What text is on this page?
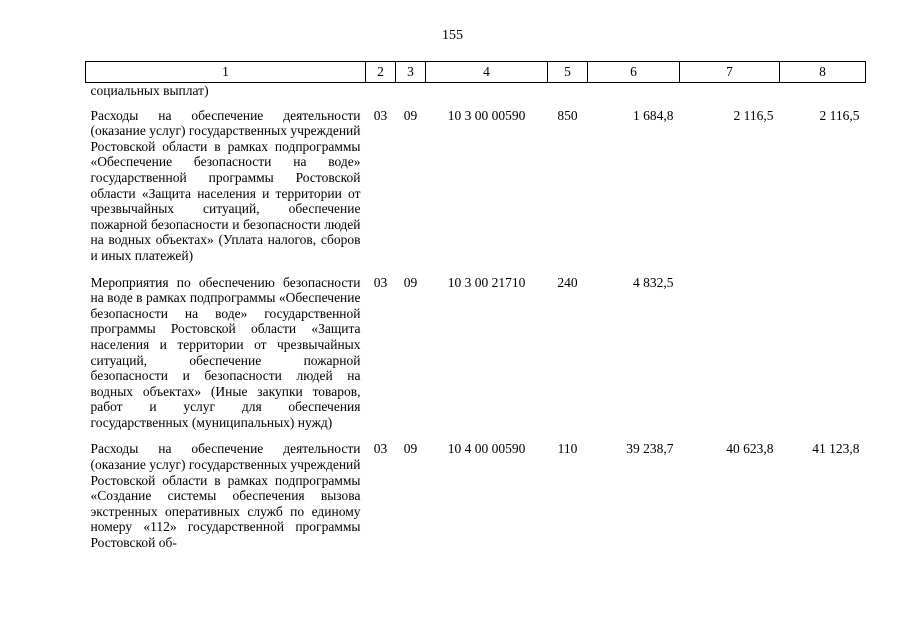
155
1	2	3	4	5	6	7	8
социальных выплат)							
Расходы на обеспечение деятельности (оказание услуг) государственных учреждений Ростовской области в рамках подпрограммы «Обеспечение безопасности на воде» государственной программы Ростовской области «Защита населения и территории от чрезвычайных ситуаций, обеспечение пожарной безопасности и безопасности людей на водных объектах» (Уплата налогов, сборов и иных платежей)	03	09	10 3 00 00590	850	1 684,8	2 116,5	2 116,5
Мероприятия по обеспечению безопасности на воде в рамках подпрограммы «Обеспечение безопасности на воде» государственной программы Ростовской области «Защита населения и территории от чрезвычайных ситуаций, обеспечение пожарной безопасности и безопасности людей на водных объектах» (Иные закупки товаров, работ и услуг для обеспечения государственных (муниципальных) нужд)	03	09	10 3 00 21710	240	4 832,5		
Расходы на обеспечение деятельности (оказание услуг) государственных учреждений Ростовской области в рамках подпрограммы «Создание системы обеспечения вызова экстренных оперативных служб по единому номеру «112» государственной программы Ростовской об-	03	09	10 4 00 00590	110	39 238,7	40 623,8	41 123,8
